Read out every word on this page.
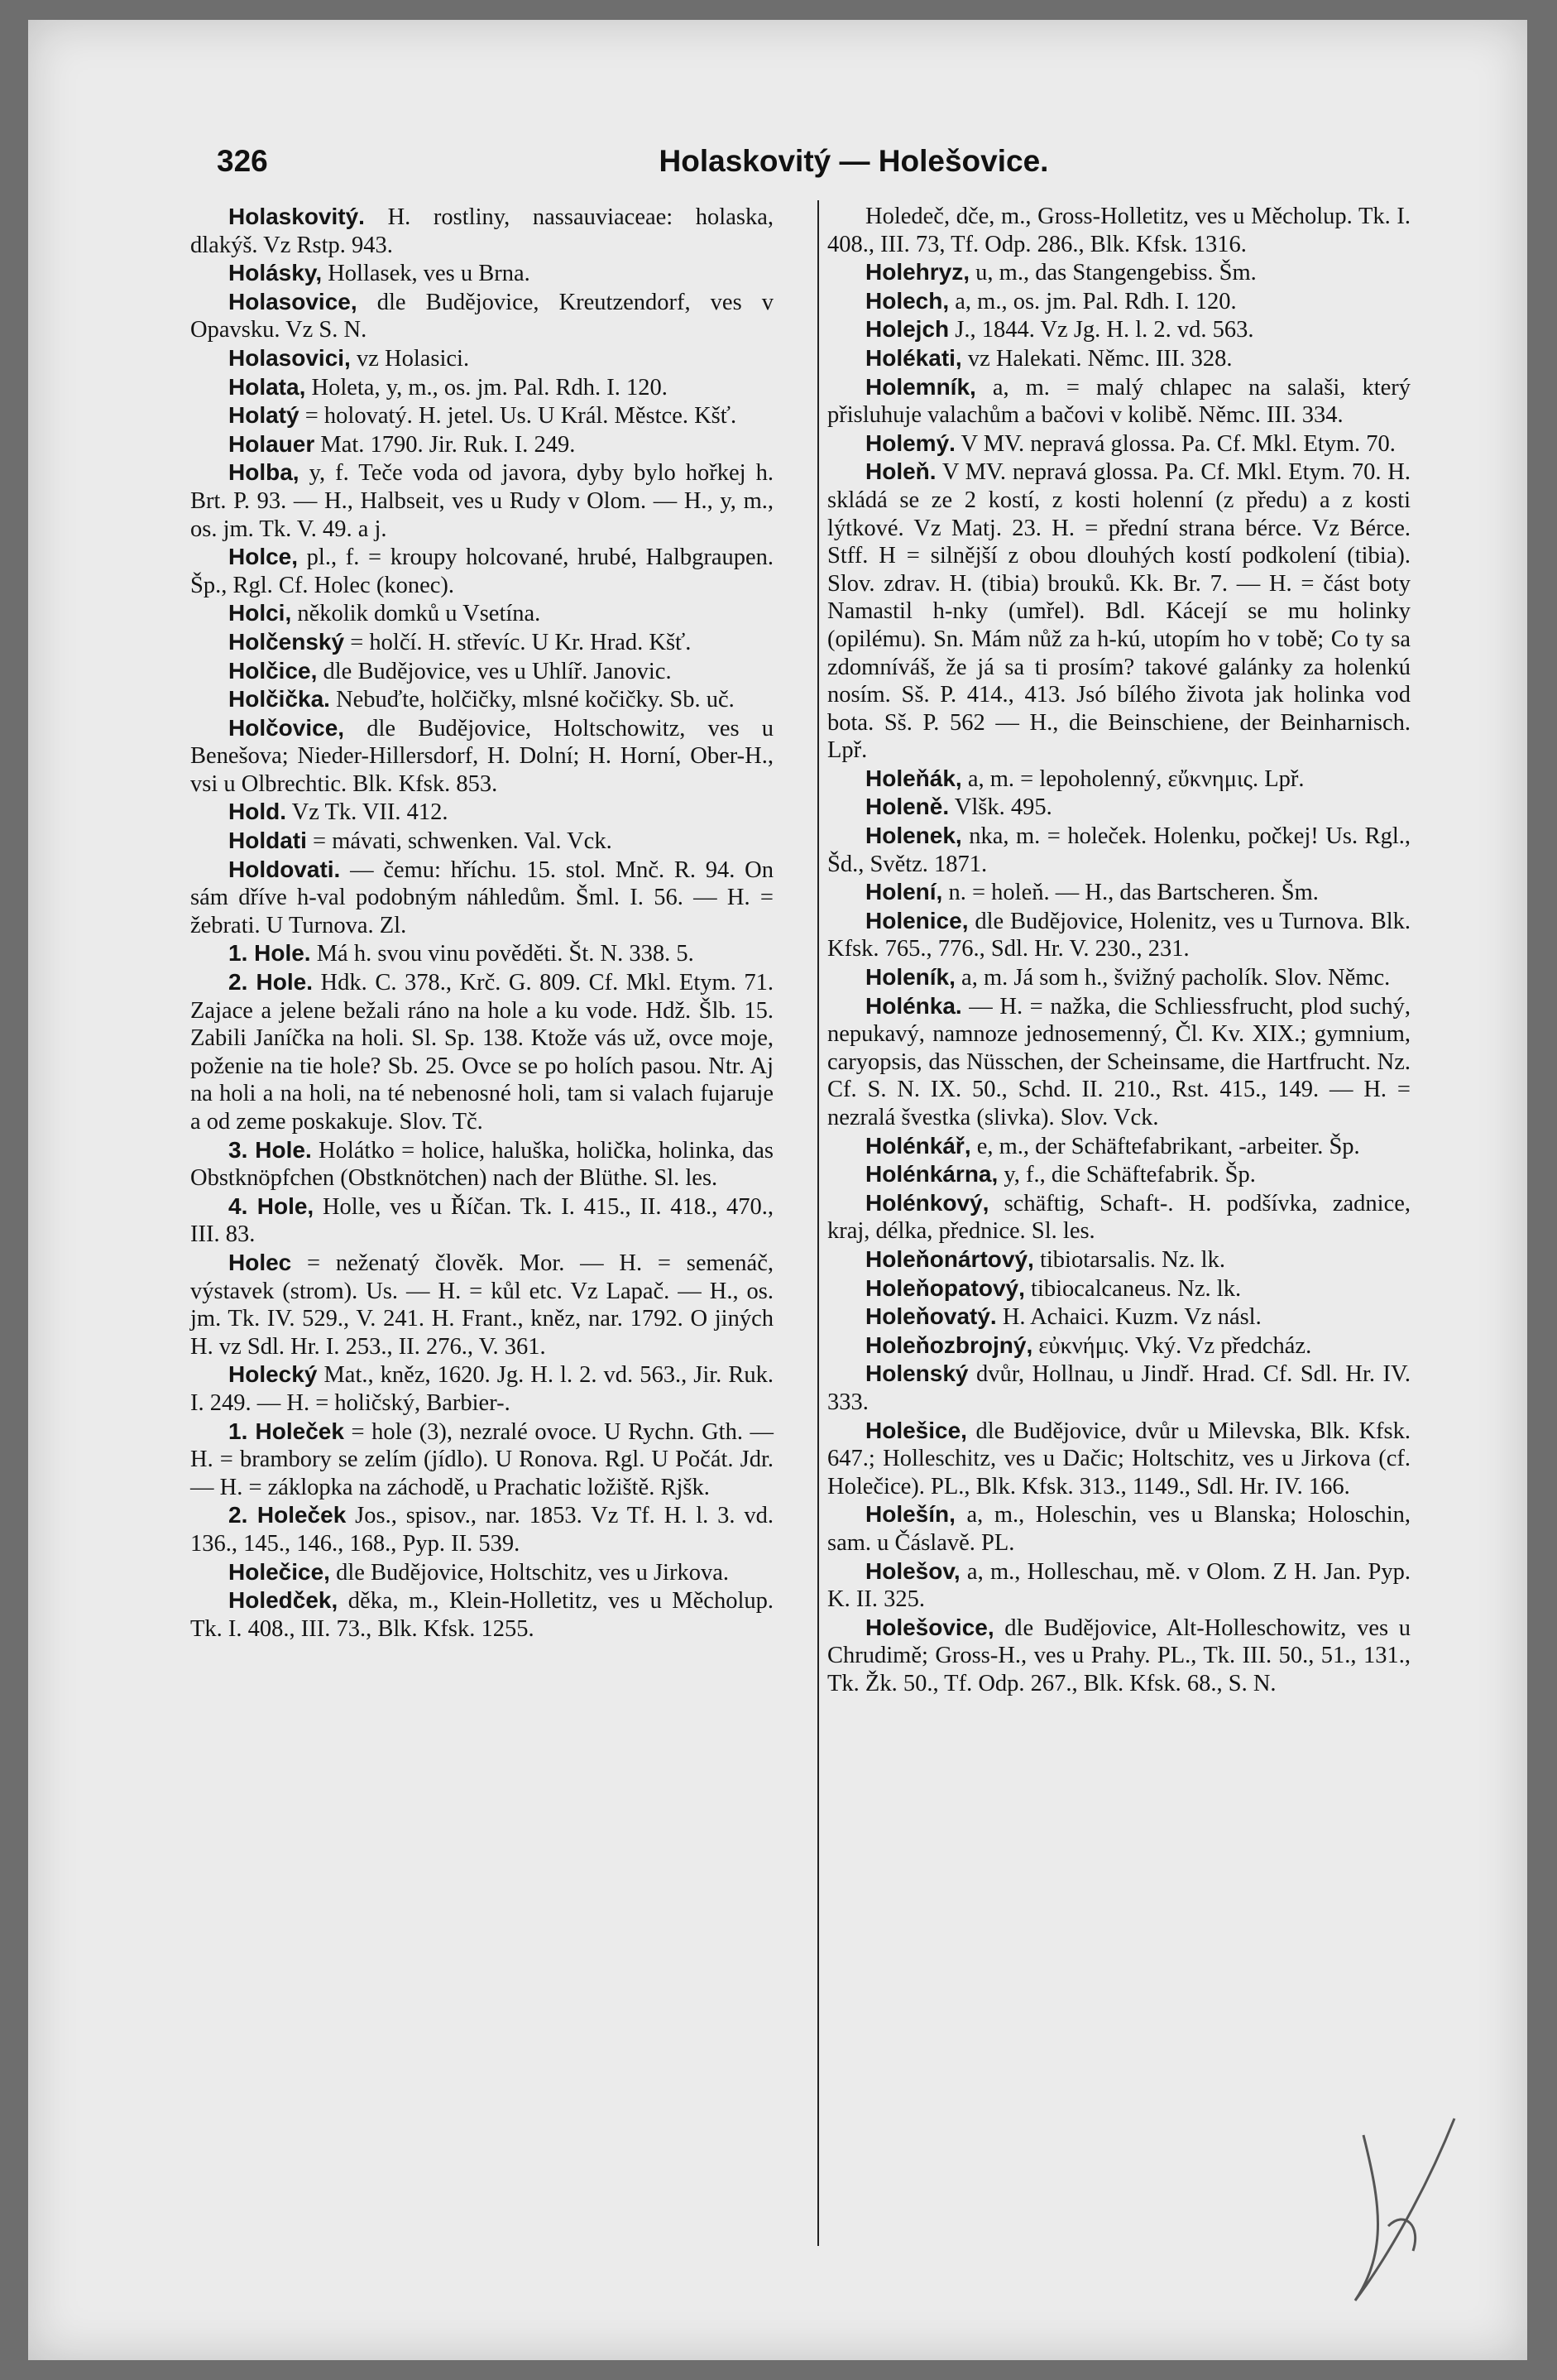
326	Holaskovitý — Holešovice.

Holaskovitý. H. rostliny, nassauviaceae: holaska, dlakýš. Vz Rstp. 943.

Holásky, Hollasek, ves u Brna.

Holasovice, dle Budějovice, Kreutzendorf, ves v Opavsku. Vz S. N.

Holasovici, vz Holasici.

Holata, Holeta, y, m., os. jm. Pal. Rdh. I. 120.

Holatý = holovatý. H. jetel. Us. U Král. Městce. Kšť.

Holauer Mat. 1790. Jir. Ruk. I. 249.

Holba, y, f. Teče voda od javora, dyby bylo hořkej h. Brt. P. 93. — H., Halbseit, ves u Rudy v Olom. — H., y, m., os. jm. Tk. V. 49. a j.

Holce, pl., f. = kroupy holcované, hrubé, Halbgraupen. Šp., Rgl. Cf. Holec (konec).

Holci, několik domků u Vsetína.

Holčenský = holčí. H. střevíc. U Kr. Hrad. Kšť.

Holčice, dle Budějovice, ves u Uhlíř. Janovic.

Holčička. Nebuďte, holčičky, mlsné kočičky. Sb. uč.

Holčovice, dle Budějovice, Holtschowitz, ves u Benešova; Nieder-Hillersdorf, H. Dolní; H. Horní, Ober-H., vsi u Olbrechtic. Blk. Kfsk. 853.

Hold. Vz Tk. VII. 412.

Holdati = mávati, schwenken. Val. Vck.

Holdovati. — čemu: hříchu. 15. stol. Mnč. R. 94. On sám dříve h-val podobným náhledům. Šml. I. 56. — H. = žebrati. U Turnova. Zl.

1. Hole. Má h. svou vinu pověděti. Št. N. 338. 5.

2. Hole. Hdk. C. 378., Krč. G. 809. Cf. Mkl. Etym. 71. Zajace a jelene bežali ráno na hole a ku vode. Hdž. Šlb. 15. Zabili Janíčka na holi. Sl. Sp. 138. Ktože vás už, ovce moje, poženie na tie hole? Sb. 25. Ovce se po holích pasou. Ntr. Aj na holi a na holi, na té nebenosné holi, tam si valach fujaruje a od zeme poskakuje. Slov. Tč.

3. Hole. Holátko = holice, haluška, holička, holinka, das Obstknöpfchen (Obstknötchen) nach der Blüthe. Sl. les.

4. Hole, Holle, ves u Říčan. Tk. I. 415., II. 418., 470., III. 83.

Holec = neženatý člověk. Mor. — H. = semenáč, výstavek (strom). Us. — H. = kůl etc. Vz Lapač. — H., os. jm. Tk. IV. 529., V. 241. H. Frant., kněz, nar. 1792. O jiných H. vz Sdl. Hr. I. 253., II. 276., V. 361.

Holecký Mat., kněz, 1620. Jg. H. l. 2. vd. 563., Jir. Ruk. I. 249. — H. = holičský, Barbier-.

1. Holeček = hole (3), nezralé ovoce. U Rychn. Gth. — H. = brambory se zelím (jídlo). U Ronova. Rgl. U Počát. Jdr. — H. = záklopka na záchodě, u Prachatic ložiště. Rjšk.

2. Holeček Jos., spisov., nar. 1853. Vz Tf. H. l. 3. vd. 136., 145., 146., 168., Pyp. II. 539.

Holečice, dle Budějovice, Holtschitz, ves u Jirkova.

Holedček, děka, m., Klein-Holletitz, ves u Měcholup. Tk. I. 408., III. 73., Blk. Kfsk. 1255.

Holedeč, dče, m., Gross-Holletitz, ves u Měcholup. Tk. I. 408., III. 73, Tf. Odp. 286., Blk. Kfsk. 1316.

Holehryz, u, m., das Stangengebiss. Šm.

Holech, a, m., os. jm. Pal. Rdh. I. 120.

Holejch J., 1844. Vz Jg. H. l. 2. vd. 563.

Holékati, vz Halekati. Němc. III. 328.

Holemník, a, m. = malý chlapec na salaši, který přisluhuje valachům a bačovi v kolibě. Němc. III. 334.

Holemý. V MV. nepravá glossa. Pa. Cf. Mkl. Etym. 70.

Holeň. V MV. nepravá glossa. Pa. Cf. Mkl. Etym. 70. H. skládá se ze 2 kostí, z kosti holenní (z předu) a z kosti lýtkové. Vz Matj. 23. H. = přední strana bérce. Vz Bérce. Stff. H = silnější z obou dlouhých kostí podkolení (tibia). Slov. zdrav. H. (tibia) brouků. Kk. Br. 7. — H. = část boty Namastil h-nky (umřel). Bdl. Kácejí se mu holinky (opilému). Sn. Mám nůž za h-kú, utopím ho v tobě; Co ty sa zdomníváš, že já sa ti prosím? takové galánky za holenkú nosím. Sš. P. 414., 413. Jsó bílého života jak holinka vod bota. Sš. P. 562 — H., die Beinschiene, der Beinharnisch. Lpř.

Holeňák, a, m. = lepoholenný, εὔκνημις. Lpř.

Holeně. Vlšk. 495.

Holenek, nka, m. = holeček. Holenku, počkej! Us. Rgl., Šd., Světz. 1871.

Holení, n. = holeň. — H., das Bartscheren. Šm.

Holenice, dle Budějovice, Holenitz, ves u Turnova. Blk. Kfsk. 765., 776., Sdl. Hr. V. 230., 231.

Holeník, a, m. Já som h., švižný pacholík. Slov. Němc.

Holénka. — H. = nažka, die Schliessfrucht, plod suchý, nepukavý, namnoze jednosemenný, Čl. Kv. XIX.; gymnium, caryopsis, das Nüsschen, der Scheinsame, die Hartfrucht. Nz. Cf. S. N. IX. 50., Schd. II. 210., Rst. 415., 149. — H. = nezralá švestka (slivka). Slov. Vck.

Holénkář, e, m., der Schäftefabrikant, -arbeiter. Šp.

Holénkárna, y, f., die Schäftefabrik. Šp.

Holénkový, schäftig, Schaft-. H. podšívka, zadnice, kraj, délka, přednice. Sl. les.

Holeňonártový, tibiotarsalis. Nz. lk.

Holeňopatový, tibiocalcaneus. Nz. lk.

Holeňovatý. H. Achaici. Kuzm. Vz násl.

Holeňozbrojný, εὐκνήμις. Vký. Vz předcház.

Holenský dvůr, Hollnau, u Jindř. Hrad. Cf. Sdl. Hr. IV. 333.

Holešice, dle Budějovice, dvůr u Milevska, Blk. Kfsk. 647.; Holleschitz, ves u Dačic; Holtschitz, ves u Jirkova (cf. Holečice). PL., Blk. Kfsk. 313., 1149., Sdl. Hr. IV. 166.

Holešín, a, m., Holeschin, ves u Blanska; Holoschin, sam. u Čáslavě. PL.

Holešov, a, m., Holleschau, mě. v Olom. Z H. Jan. Pyp. K. II. 325.

Holešovice, dle Budějovice, Alt-Holleschowitz, ves u Chrudimě; Gross-H., ves u Prahy. PL., Tk. III. 50., 51., 131., Tk. Žk. 50., Tf. Odp. 267., Blk. Kfsk. 68., S. N.
